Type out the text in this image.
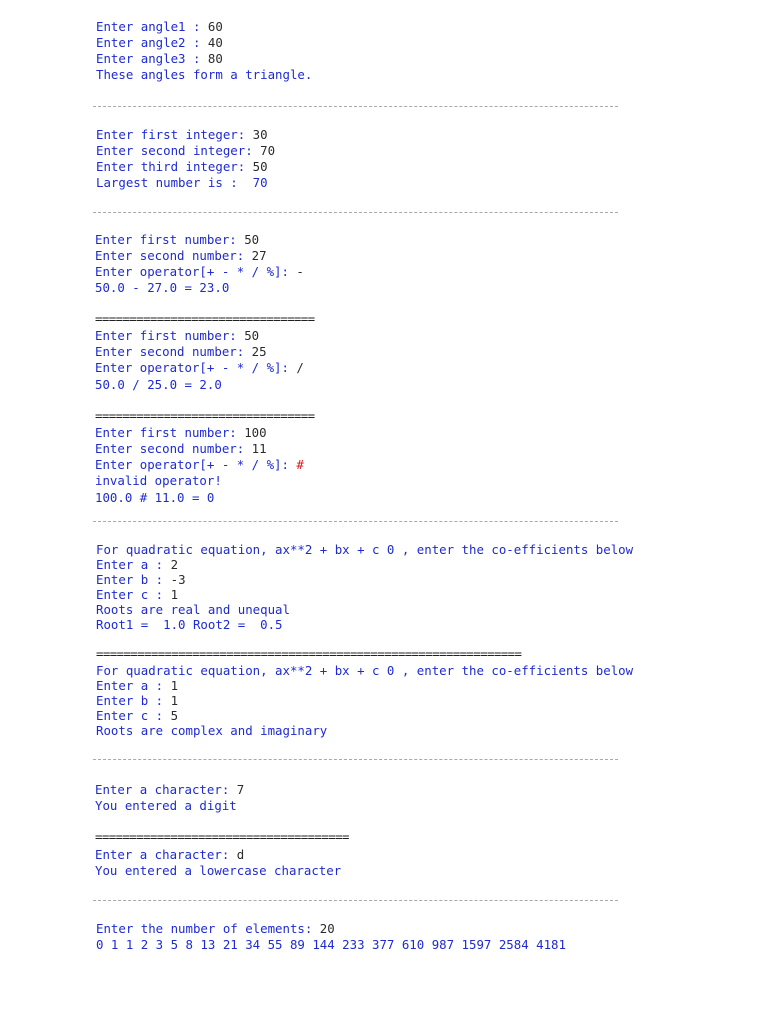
Enter angle1 : 60
Enter angle2 : 40
Enter angle3 : 80
These angles form a triangle.
Enter first integer: 30
Enter second integer: 70
Enter third integer: 50
Largest number is :  70
Enter first number: 50
Enter second number: 27
Enter operator[+ - * / %]: -
50.0 - 27.0 = 23.0
================================
Enter first number: 50
Enter second number: 25
Enter operator[+ - * / %]: /
50.0 / 25.0 = 2.0
================================
Enter first number: 100
Enter second number: 11
Enter operator[+ - * / %]: #
invalid operator!
100.0 # 11.0 = 0
For quadratic equation, ax**2 + bx + c 0 , enter the co-efficients below
Enter a : 2
Enter b : -3
Enter c : 1
Roots are real and unequal
Root1 =  1.0 Root2 =  0.5
==============================================================
For quadratic equation, ax**2 + bx + c 0 , enter the co-efficients below
Enter a : 1
Enter b : 1
Enter c : 5
Roots are complex and imaginary
Enter a character: 7
You entered a digit
=====================================
Enter a character: d
You entered a lowercase character
Enter the number of elements: 20
0 1 1 2 3 5 8 13 21 34 55 89 144 233 377 610 987 1597 2584 4181
